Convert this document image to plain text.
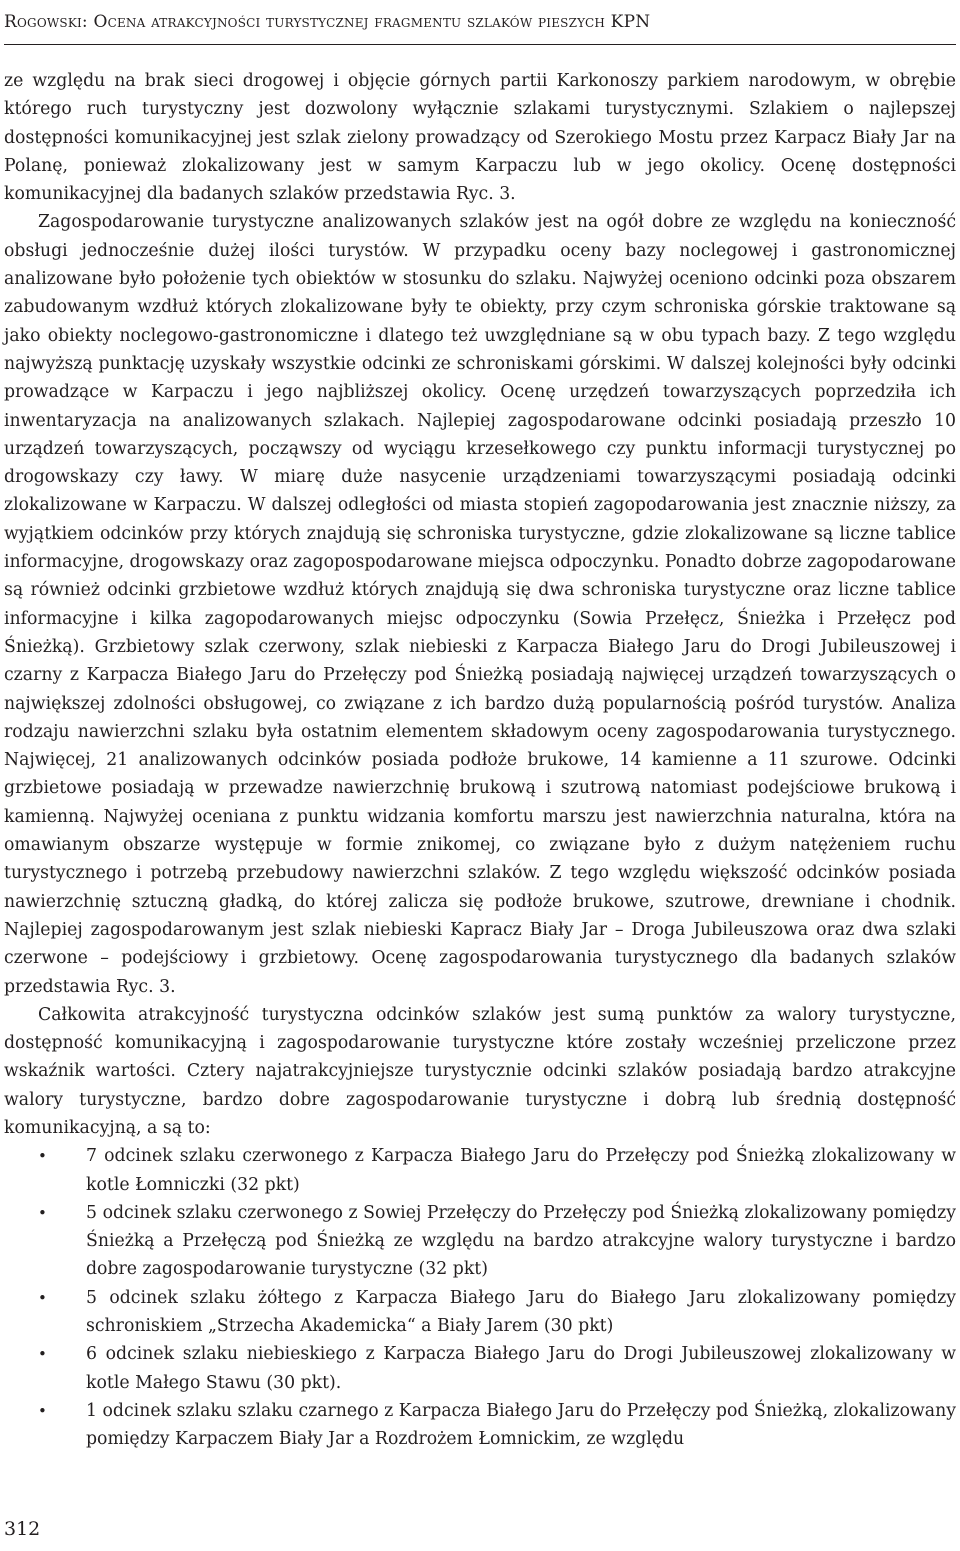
Rogowski: Ocena atrakcyjności turystycznej fragmentu szlaków pieszych KPN

ze względu na brak sieci drogowej i objęcie górnych partii Karkonoszy parkiem narodowym, w obrębie którego ruch turystyczny jest dozwolony wyłącznie szlakami turystycznymi. Szlakiem o najlepszej dostępności komunikacyjnej jest szlak zielony prowadzący od Szerokiego Mostu przez Karpacz Biały Jar na Polanę, ponieważ zlokalizowany jest w samym Karpaczu lub w jego okolicy. Ocenę dostępności komunikacyjnej dla badanych szlaków przedstawia Ryc. 3.

Zagospodarowanie turystyczne analizowanych szlaków jest na ogół dobre ze względu na konieczność obsługi jednocześnie dużej ilości turystów. W przypadku oceny bazy noclegowej i gastronomicznej analizowane było położenie tych obiektów w stosunku do szlaku. Najwyżej oceniono odcinki poza obszarem zabudowanym wzdłuż których zlokalizowane były te obiekty, przy czym schroniska górskie traktowane są jako obiekty noclegowo-gastronomiczne i dlatego też uwzględniane są w obu typach bazy. Z tego względu najwyższą punktację uzyskały wszystkie odcinki ze schroniskami górskimi. W dalszej kolejności były odcinki prowadzące w Karpaczu i jego najbliższej okolicy. Ocenę urzędzeń towarzyszących poprzedziła ich inwentaryzacja na analizowanych szlakach. Najlepiej zagospodarowane odcinki posiadają przeszło 10 urządzeń towarzyszących, począwszy od wyciągu krzesełkowego czy punktu informacji turystycznej po drogowskazy czy ławy. W miarę duże nasycenie urządzeniami towarzyszącymi posiadają odcinki zlokalizowane w Karpaczu. W dalszej odległości od miasta stopień zagopodarowania jest znacznie niższy, za wyjątkiem odcinków przy których znajdują się schroniska turystyczne, gdzie zlokalizowane są liczne tablice informacyjne, drogowskazy oraz zagopospodarowane miejsca odpoczynku. Ponadto dobrze zagopodarowane są również odcinki grzbietowe wzdłuż których znajdują się dwa schroniska turystyczne oraz liczne tablice informacyjne i kilka zagopodarowanych miejsc odpoczynku (Sowia Przełęcz, Śnieżka i Przełęcz pod Śnieżką). Grzbietowy szlak czerwony, szlak niebieski z Karpacza Białego Jaru do Drogi Jubileuszowej i czarny z Karpacza Białego Jaru do Przełęczy pod Śnieżką posiadają najwięcej urządzeń towarzyszących o największej zdolności obsługowej, co związane z ich bardzo dużą popularnością pośród turystów. Analiza rodzaju nawierzchni szlaku była ostatnim elementem składowym oceny zagospodarowania turystycznego. Najwięcej, 21 analizowanych odcinków posiada podłoże brukowe, 14 kamienne a 11 szurowe. Odcinki grzbietowe posiadają w przewadze nawierzchnię brukową i szutrową natomiast podejściowe brukową i kamienną. Najwyżej oceniana z punktu widzania komfortu marszu jest nawierzchnia naturalna, która na omawianym obszarze występuje w formie znikomej, co związane było z dużym natężeniem ruchu turystycznego i potrzebą przebudowy nawierzchni szlaków. Z tego względu większość odcinków posiada nawierzchnię sztuczną gładką, do której zalicza się podłoże brukowe, szutrowe, drewniane i chodnik. Najlepiej zagospodarowanym jest szlak niebieski Kapracz Biały Jar – Droga Jubileuszowa oraz dwa szlaki czerwone – podejściowy i grzbietowy. Ocenę zagospodarowania turystycznego dla badanych szlaków przedstawia Ryc. 3.

Całkowita atrakcyjność turystyczna odcinków szlaków jest sumą punktów za walory turystyczne, dostępność komunikacyjną i zagospodarowanie turystyczne które zostały wcześniej przeliczone przez wskaźnik wartości. Cztery najatrakcyjniejsze turystycznie odcinki szlaków posiadają bardzo atrakcyjne walory turystyczne, bardzo dobre zagospodarowanie turystyczne i dobrą lub średnią dostępność komunikacyjną, a są to:

• 7 odcinek szlaku czerwonego z Karpacza Białego Jaru do Przełęczy pod Śnieżką zlokalizowany w kotle Łomniczki (32 pkt)
• 5 odcinek szlaku czerwonego z Sowiej Przełęczy do Przełęczy pod Śnieżką zlokalizowany pomiędzy Śnieżką a Przełęczą pod Śnieżką ze względu na bardzo atrakcyjne walory turystyczne i bardzo dobre zagospodarowanie turystyczne (32 pkt)
• 5 odcinek szlaku żółtego z Karpacza Białego Jaru do Białego Jaru zlokalizowany pomiędzy schroniskiem „Strzecha Akademicka“ a Biały Jarem (30 pkt)
• 6 odcinek szlaku niebieskiego z Karpacza Białego Jaru do Drogi Jubileuszowej zlokalizowany w kotle Małego Stawu (30 pkt).
• 1 odcinek szlaku szlaku czarnego z Karpacza Białego Jaru do Przełęczy pod Śnieżką, zlokalizowany pomiędzy Karpaczem Biały Jar a Rozdrożem Łomnickim, ze względu
312
